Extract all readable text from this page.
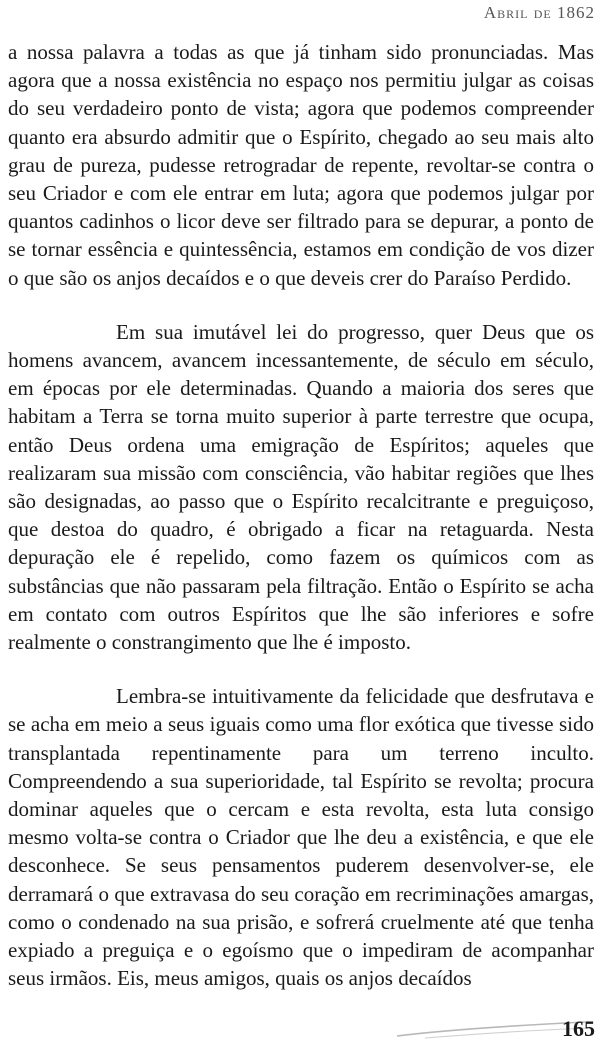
Abril de 1862

a nossa palavra a todas as que já tinham sido pronunciadas. Mas agora que a nossa existência no espaço nos permitiu julgar as coisas do seu verdadeiro ponto de vista; agora que podemos compreender quanto era absurdo admitir que o Espírito, chegado ao seu mais alto grau de pureza, pudesse retrogradar de repente, revoltar-se contra o seu Criador e com ele entrar em luta; agora que podemos julgar por quantos cadinhos o licor deve ser filtrado para se depurar, a ponto de se tornar essência e quintessência, estamos em condição de vos dizer o que são os anjos decaídos e o que deveis crer do Paraíso Perdido.

Em sua imutável lei do progresso, quer Deus que os homens avancem, avancem incessantemente, de século em século, em épocas por ele determinadas. Quando a maioria dos seres que habitam a Terra se torna muito superior à parte terrestre que ocupa, então Deus ordena uma emigração de Espíritos; aqueles que realizaram sua missão com consciência, vão habitar regiões que lhes são designadas, ao passo que o Espírito recalcitrante e preguiçoso, que destoa do quadro, é obrigado a ficar na retaguarda. Nesta depuração ele é repelido, como fazem os químicos com as substâncias que não passaram pela filtração. Então o Espírito se acha em contato com outros Espíritos que lhe são inferiores e sofre realmente o constrangimento que lhe é imposto.

Lembra-se intuitivamente da felicidade que desfrutava e se acha em meio a seus iguais como uma flor exótica que tivesse sido transplantada repentinamente para um terreno inculto. Compreendendo a sua superioridade, tal Espírito se revolta; procura dominar aqueles que o cercam e esta revolta, esta luta consigo mesmo volta-se contra o Criador que lhe deu a existência, e que ele desconhece. Se seus pensamentos puderem desenvolver-se, ele derramará o que extravasa do seu coração em recriminações amargas, como o condenado na sua prisão, e sofrerá cruelmente até que tenha expiado a preguiça e o egoísmo que o impediram de acompanhar seus irmãos. Eis, meus amigos, quais os anjos decaídos

165
